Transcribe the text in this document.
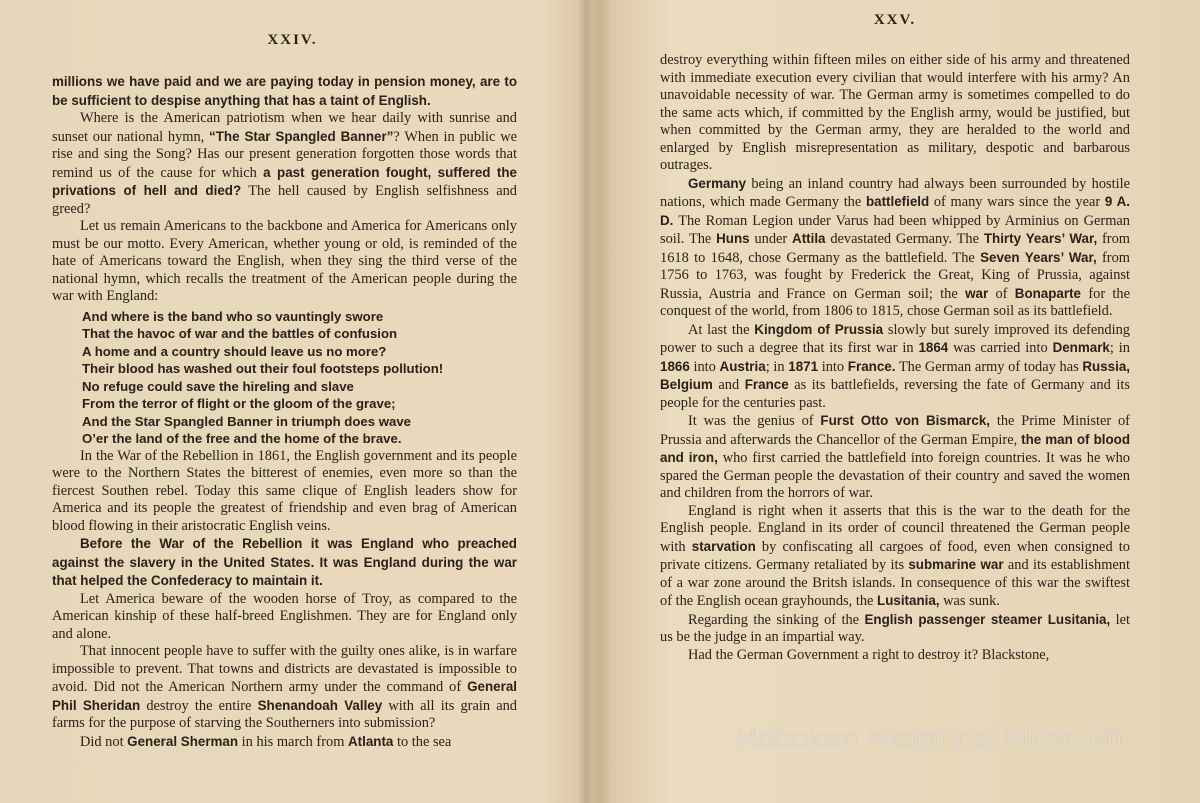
XXIV.

millions we have paid and we are paying today in pension money, are to be sufficient to despise anything that has a taint of English.

Where is the American patriotism when we hear daily with sunrise and sunset our national hymn, “The Star Spangled Banner”? When in public we rise and sing the Song? Has our present generation forgotten those words that remind us of the cause for which a past generation fought, suffered the privations of hell and died? The hell caused by English selfishness and greed?

Let us remain Americans to the backbone and America for Americans only must be our motto. Every American, whether young or old, is reminded of the hate of Americans toward the English, when they sing the third verse of the national hymn, which recalls the treatment of the American people during the war with England:

And where is the band who so vauntingly swore
That the havoc of war and the battles of confusion
A home and a country should leave us no more?
Their blood has washed out their foul footsteps pollution!
No refuge could save the hireling and slave
From the terror of flight or the gloom of the grave;
And the Star Spangled Banner in triumph does wave
O’er the land of the free and the home of the brave.

In the War of the Rebellion in 1861, the English government and its people were to the Northern States the bitterest of enemies, even more so than the fiercest Southen rebel. Today this same clique of English leaders show for America and its people the greatest of friendship and even brag of American blood flowing in their aristocratic English veins.

Before the War of the Rebellion it was England who preached against the slavery in the United States. It was England during the war that helped the Confederacy to maintain it.

Let America beware of the wooden horse of Troy, as compared to the American kinship of these half-breed Englishmen. They are for England only and alone.

That innocent people have to suffer with the guilty ones alike, is in warfare impossible to prevent. That towns and districts are devastated is impossible to avoid. Did not the American Northern army under the command of General Phil Sheridan destroy the entire Shenandoah Valley with all its grain and farms for the purpose of starving the Southerners into submission?

Did not General Sherman in his march from Atlanta to the sea

XXV.

destroy everything within fifteen miles on either side of his army and threatened with immediate execution every civilian that would interfere with his army? An unavoidable necessity of war. The German army is sometimes compelled to do the same acts which, if committed by the English army, would be justified, but when committed by the German army, they are heralded to the world and enlarged by English misrepresentation as military, despotic and barbarous outrages.

Germany being an inland country had always been surrounded by hostile nations, which made Germany the battlefield of many wars since the year 9 A. D. The Roman Legion under Varus had been whipped by Arminius on German soil. The Huns under Attila devastated Germany. The Thirty Years’ War, from 1618 to 1648, chose Germany as the battlefield. The Seven Years’ War, from 1756 to 1763, was fought by Frederick the Great, King of Prussia, against Russia, Austria and France on German soil; the war of Bonaparte for the conquest of the world, from 1806 to 1815, chose German soil as its battlefield.

At last the Kingdom of Prussia slowly but surely improved its defending power to such a degree that its first war in 1864 was carried into Denmark; in 1866 into Austria; in 1871 into France. The German army of today has Russia, Belgium and France as its battlefields, reversing the fate of Germany and its people for the centuries past.

It was the genius of Furst Otto von Bismarck, the Prime Minister of Prussia and afterwards the Chancellor of the German Empire, the man of blood and iron, who first carried the battlefield into foreign countries. It was he who spared the German people the devastation of their country and saved the women and children from the horrors of war.

England is right when it asserts that this is the war to the death for the English people. England in its order of council threatened the German people with starvation by confiscating all cargoes of food, even when consigned to private citizens. Germany retaliated by its submarine war and its establishment of a war zone around the Britsh islands. In consequence of this war the swiftest of the English ocean grayhounds, the Lusitania, was sunk.

Regarding the sinking of the English passenger steamer Lusitania, let us be the judge in an impartial way.

Had the German Government a right to destroy it? Blackstone,

Hoboken Historical Museum
